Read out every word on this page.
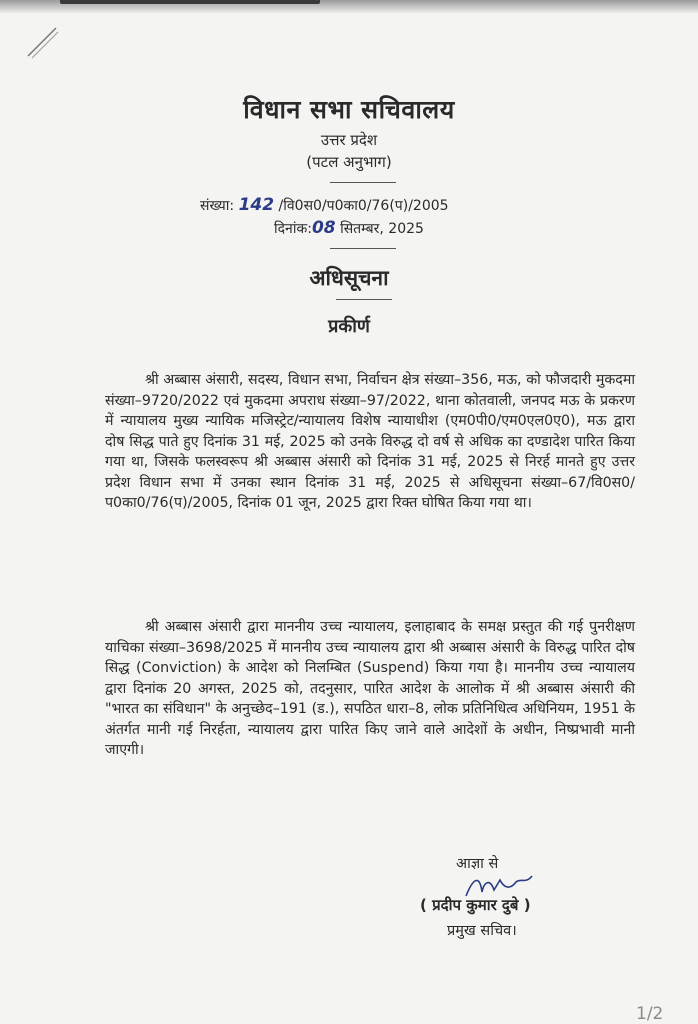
विधान सभा सचिवालय
उत्तर प्रदेश
(पटल अनुभाग)
संख्या: 142 /वि0स0/प0का0/76(प)/2005
दिनांक:08 सितम्बर, 2025
अधिसूचना
प्रकीर्ण

श्री अब्बास अंसारी, सदस्य, विधान सभा, निर्वाचन क्षेत्र संख्या–356, मऊ, को फौजदारी मुकदमा संख्या–9720/2022 एवं मुकदमा अपराध संख्या–97/2022, थाना कोतवाली, जनपद मऊ के प्रकरण में न्यायालय मुख्य न्यायिक मजिस्ट्रेट/न्यायालय विशेष न्यायाधीश (एम0पी0/एम0एल0ए0), मऊ द्वारा दोष सिद्ध पाते हुए दिनांक 31 मई, 2025 को उनके विरुद्ध दो वर्ष से अधिक का दण्डादेश पारित किया गया था, जिसके फलस्वरूप श्री अब्बास अंसारी को दिनांक 31 मई, 2025 से निरर्ह मानते हुए उत्तर प्रदेश विधान सभा में उनका स्थान दिनांक 31 मई, 2025 से अधिसूचना संख्या–67/वि0स0/प0का0/76(प)/2005, दिनांक 01 जून, 2025 द्वारा रिक्त घोषित किया गया था।

श्री अब्बास अंसारी द्वारा माननीय उच्च न्यायालय, इलाहाबाद के समक्ष प्रस्तुत की गई पुनरीक्षण याचिका संख्या–3698/2025 में माननीय उच्च न्यायालय द्वारा श्री अब्बास अंसारी के विरुद्ध पारित दोष सिद्ध (Conviction) के आदेश को निलम्बित (Suspend) किया गया है। माननीय उच्च न्यायालय द्वारा दिनांक 20 अगस्त, 2025 को, तदनुसार, पारित आदेश के आलोक में श्री अब्बास अंसारी की "भारत का संविधान" के अनुच्छेद–191 (ड.), सपठित धारा–8, लोक प्रतिनिधित्व अधिनियम, 1951 के अंतर्गत मानी गई निरर्हता, न्यायालय द्वारा पारित किए जाने वाले आदेशों के अधीन, निष्प्रभावी मानी जाएगी।

आज्ञा से
( प्रदीप कुमार दुबे )
प्रमुख सचिव।
1/2
